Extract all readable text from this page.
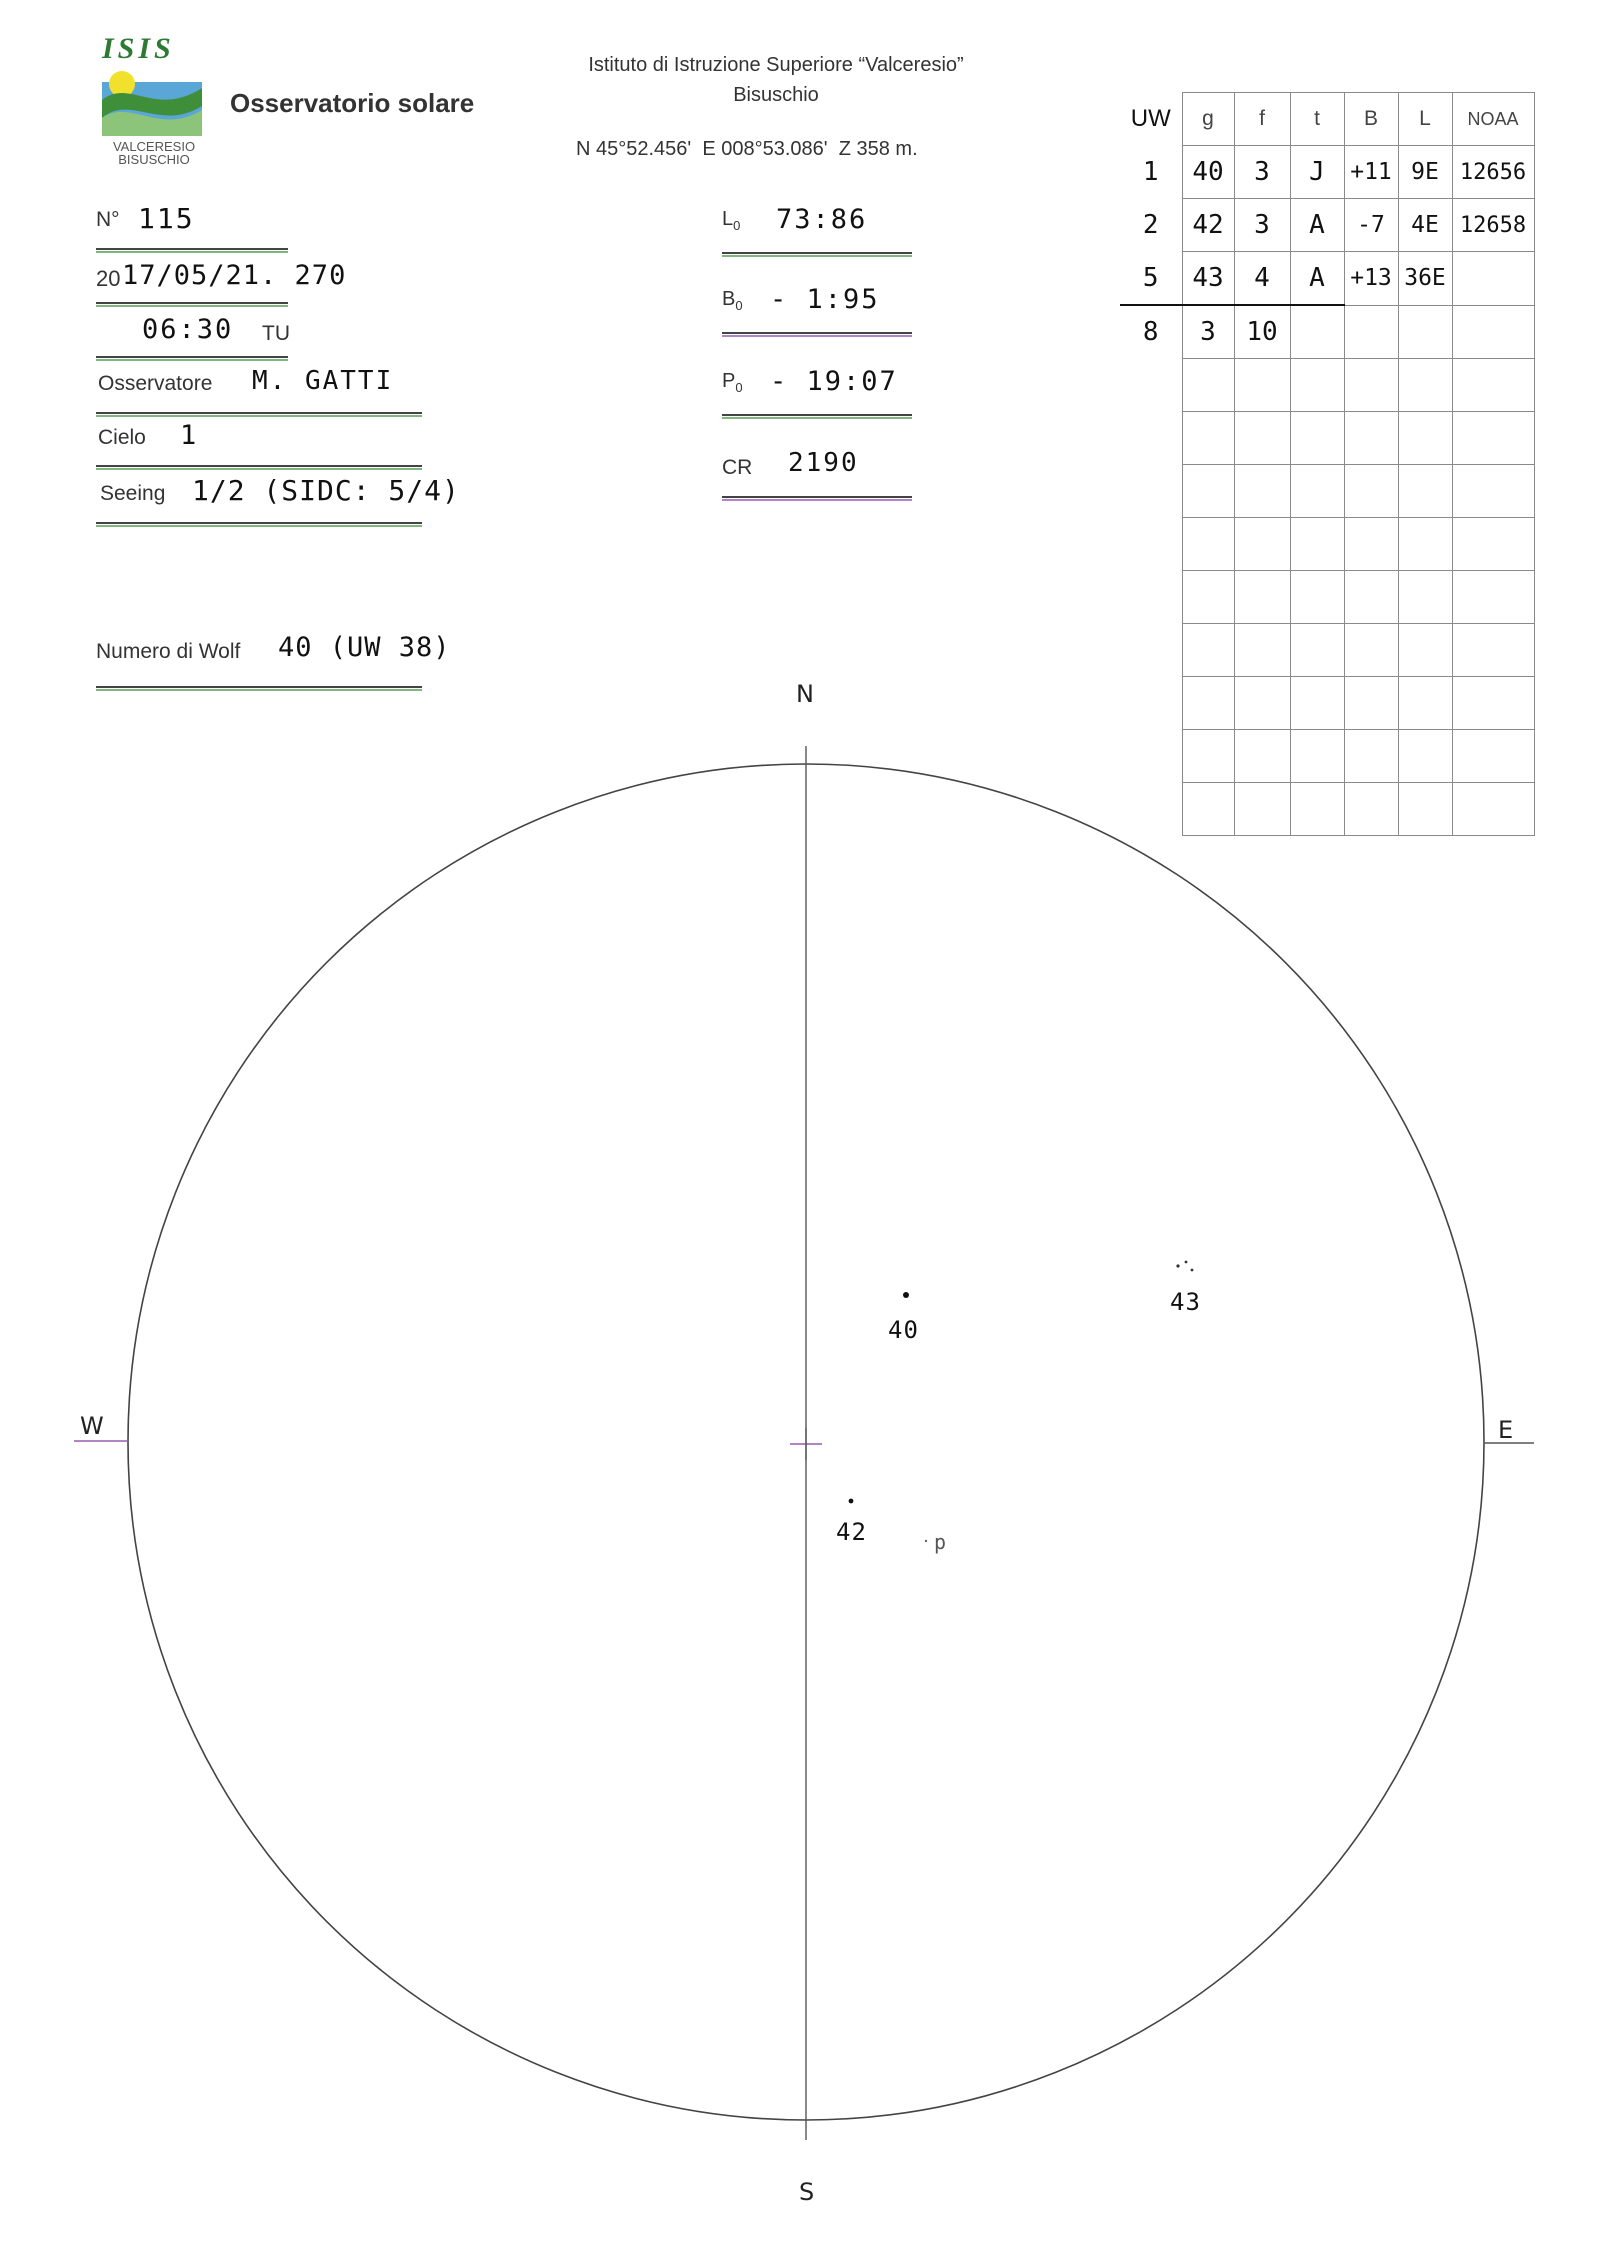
ISIS
VALCERESIO
BISUSCHIO
Osservatorio solare
Istituto di Istruzione Superiore “Valceresio”
Bisuschio
N 45°52.456'  E 008°53.086'  Z 358 m.
N° 115
20 17/05/21. 270
06:30 TU
Osservatore M. GATTI
Cielo 1
Seeing 1/2 (SIDC: 5/4)
Numero di Wolf 40 (UW 38)
$L_0$ 73:86
$B_0$ - 1:95
$P_0$ - 19:07
CR 2190
UW	g	f	t	B	L	NOAA
1	40	3	J	+11	9E	12656
2	42	3	A	-7	4E	12658
5	43	4	A	+13	36E	
8	3	10				

N
S
W	E
40
42
43
p
